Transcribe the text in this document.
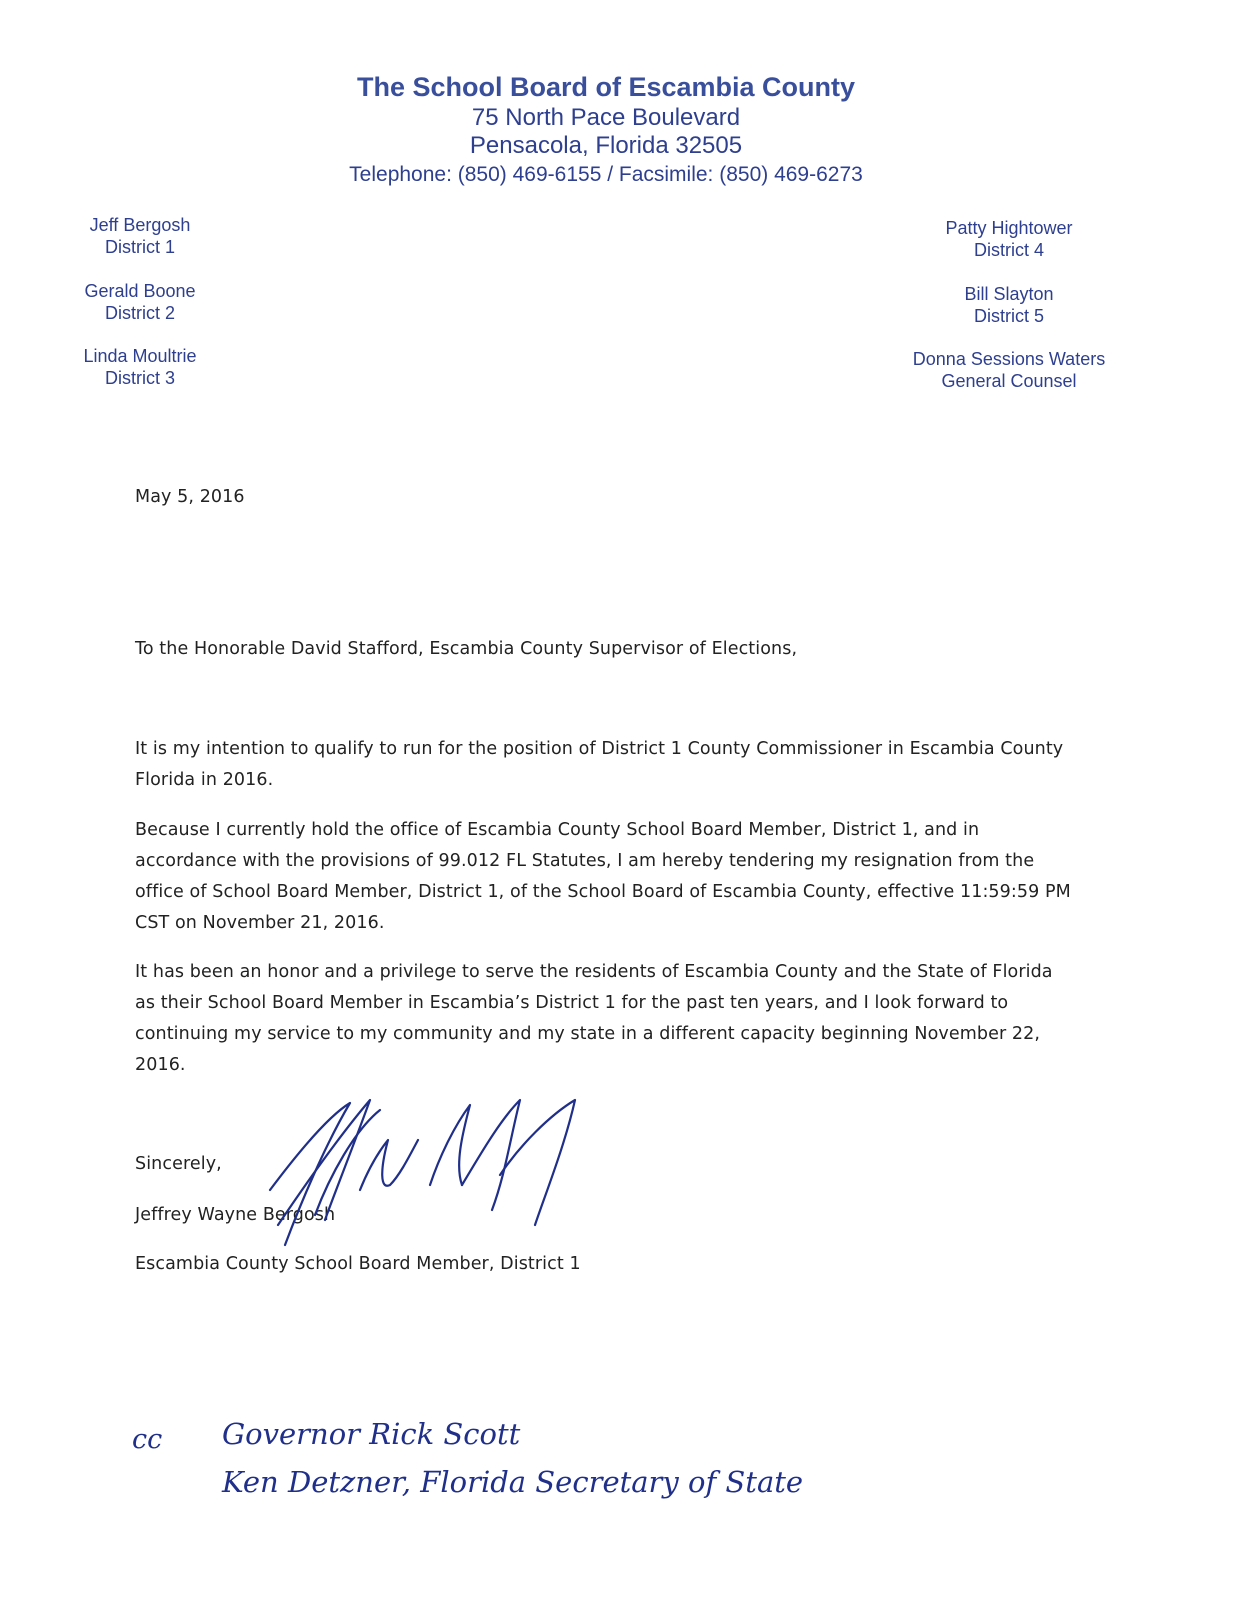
The School Board of Escambia County
75 North Pace Boulevard
Pensacola, Florida 32505
Telephone: (850) 469-6155 / Facsimile: (850) 469-6273
Jeff Bergosh
District 1
Gerald Boone
District 2
Linda Moultrie
District 3
Patty Hightower
District 4
Bill Slayton
District 5
Donna Sessions Waters
General Counsel
May 5, 2016
To the Honorable David Stafford, Escambia County Supervisor of Elections,
It is my intention to qualify to run for the position of District 1 County Commissioner in Escambia County Florida in 2016.
Because I currently hold the office of Escambia County School Board Member, District 1, and in accordance with the provisions of 99.012 FL Statutes, I am hereby tendering my resignation from the office of School Board Member, District 1, of the School Board of Escambia County, effective 11:59:59 PM CST on November 21, 2016.
It has been an honor and a privilege to serve the residents of Escambia County and the State of Florida as their School Board Member in Escambia’s District 1 for the past ten years, and I look forward to continuing my service to my community and my state in a different capacity beginning November 22, 2016.
Sincerely,
Jeffrey Wayne Bergosh
Escambia County School Board Member, District 1
cc Governor Rick Scott
Ken Detzner, Florida Secretary of State
